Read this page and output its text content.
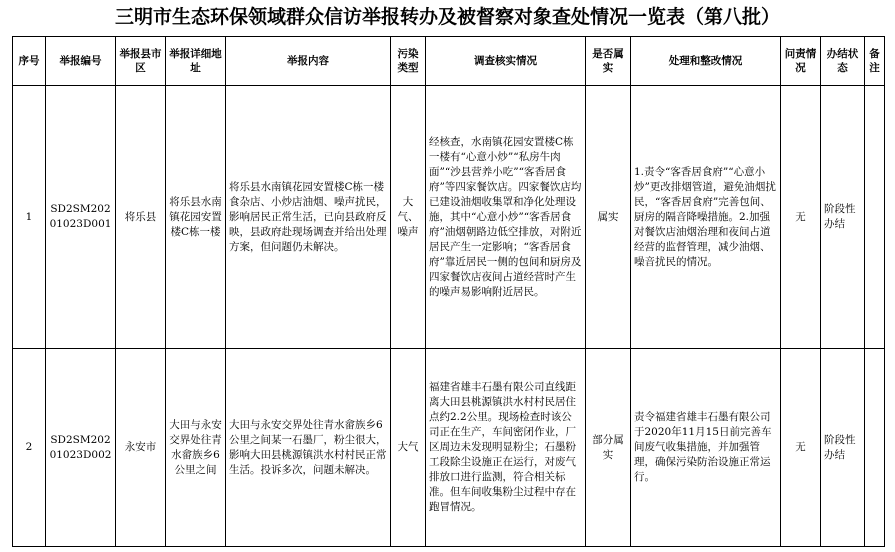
三明市生态环保领域群众信访举报转办及被督察对象查处情况一览表（第八批）
序号	举报编号	举报县市区	举报详细地址	举报内容	污染类型	调查核实情况	是否属实	处理和整改情况	问责情况	办结状态	备注
1	SD2SM20201023D001	将乐县	将乐县水南镇花园安置楼C栋一楼	将乐县水南镇花园安置楼C栋一楼食杂店、小炒店油烟、噪声扰民，影响居民正常生活，已向县政府反映，县政府赴现场调查并给出处理方案，但问题仍未解决。	大气、噪声	经核查，水南镇花园安置楼C栋一楼有“心意小炒”“私房牛肉面”“沙县营养小吃”“客香居食府”等四家餐饮店。四家餐饮店均已建设油烟收集罩和净化处理设施，其中“心意小炒”“客香居食府”油烟朝路边低空排放，对附近居民产生一定影响；“客香居食府”靠近居民一侧的包间和厨房及四家餐饮店夜间占道经营时产生的噪声易影响附近居民。	属实	1.责令“客香居食府”“心意小炒”更改排烟管道，避免油烟扰民，“客香居食府”完善包间、厨房的隔音降噪措施。2.加强对餐饮店油烟治理和夜间占道经营的监督管理，减少油烟、噪音扰民的情况。	无	阶段性办结	
2	SD2SM20201023D002	永安市	大田与永安交界处往青水畲族乡6公里之间	大田与永安交界处往青水畲族乡6公里之间某一石墨厂，粉尘很大，影响大田县桃源镇洪水村村民正常生活。投诉多次，问题未解决。	大气	福建省雄丰石墨有限公司直线距离大田县桃源镇洪水村村民居住点约2.2公里。现场检查时该公司正在生产，车间密闭作业，厂区周边未发现明显粉尘；石墨粉工段除尘设施正在运行，对废气排放口进行监测，符合相关标准。但车间收集粉尘过程中存在跑冒情况。	部分属实	责令福建省雄丰石墨有限公司于2020年11月15日前完善车间废气收集措施，并加强管理，确保污染防治设施正常运行。	无	阶段性办结	
